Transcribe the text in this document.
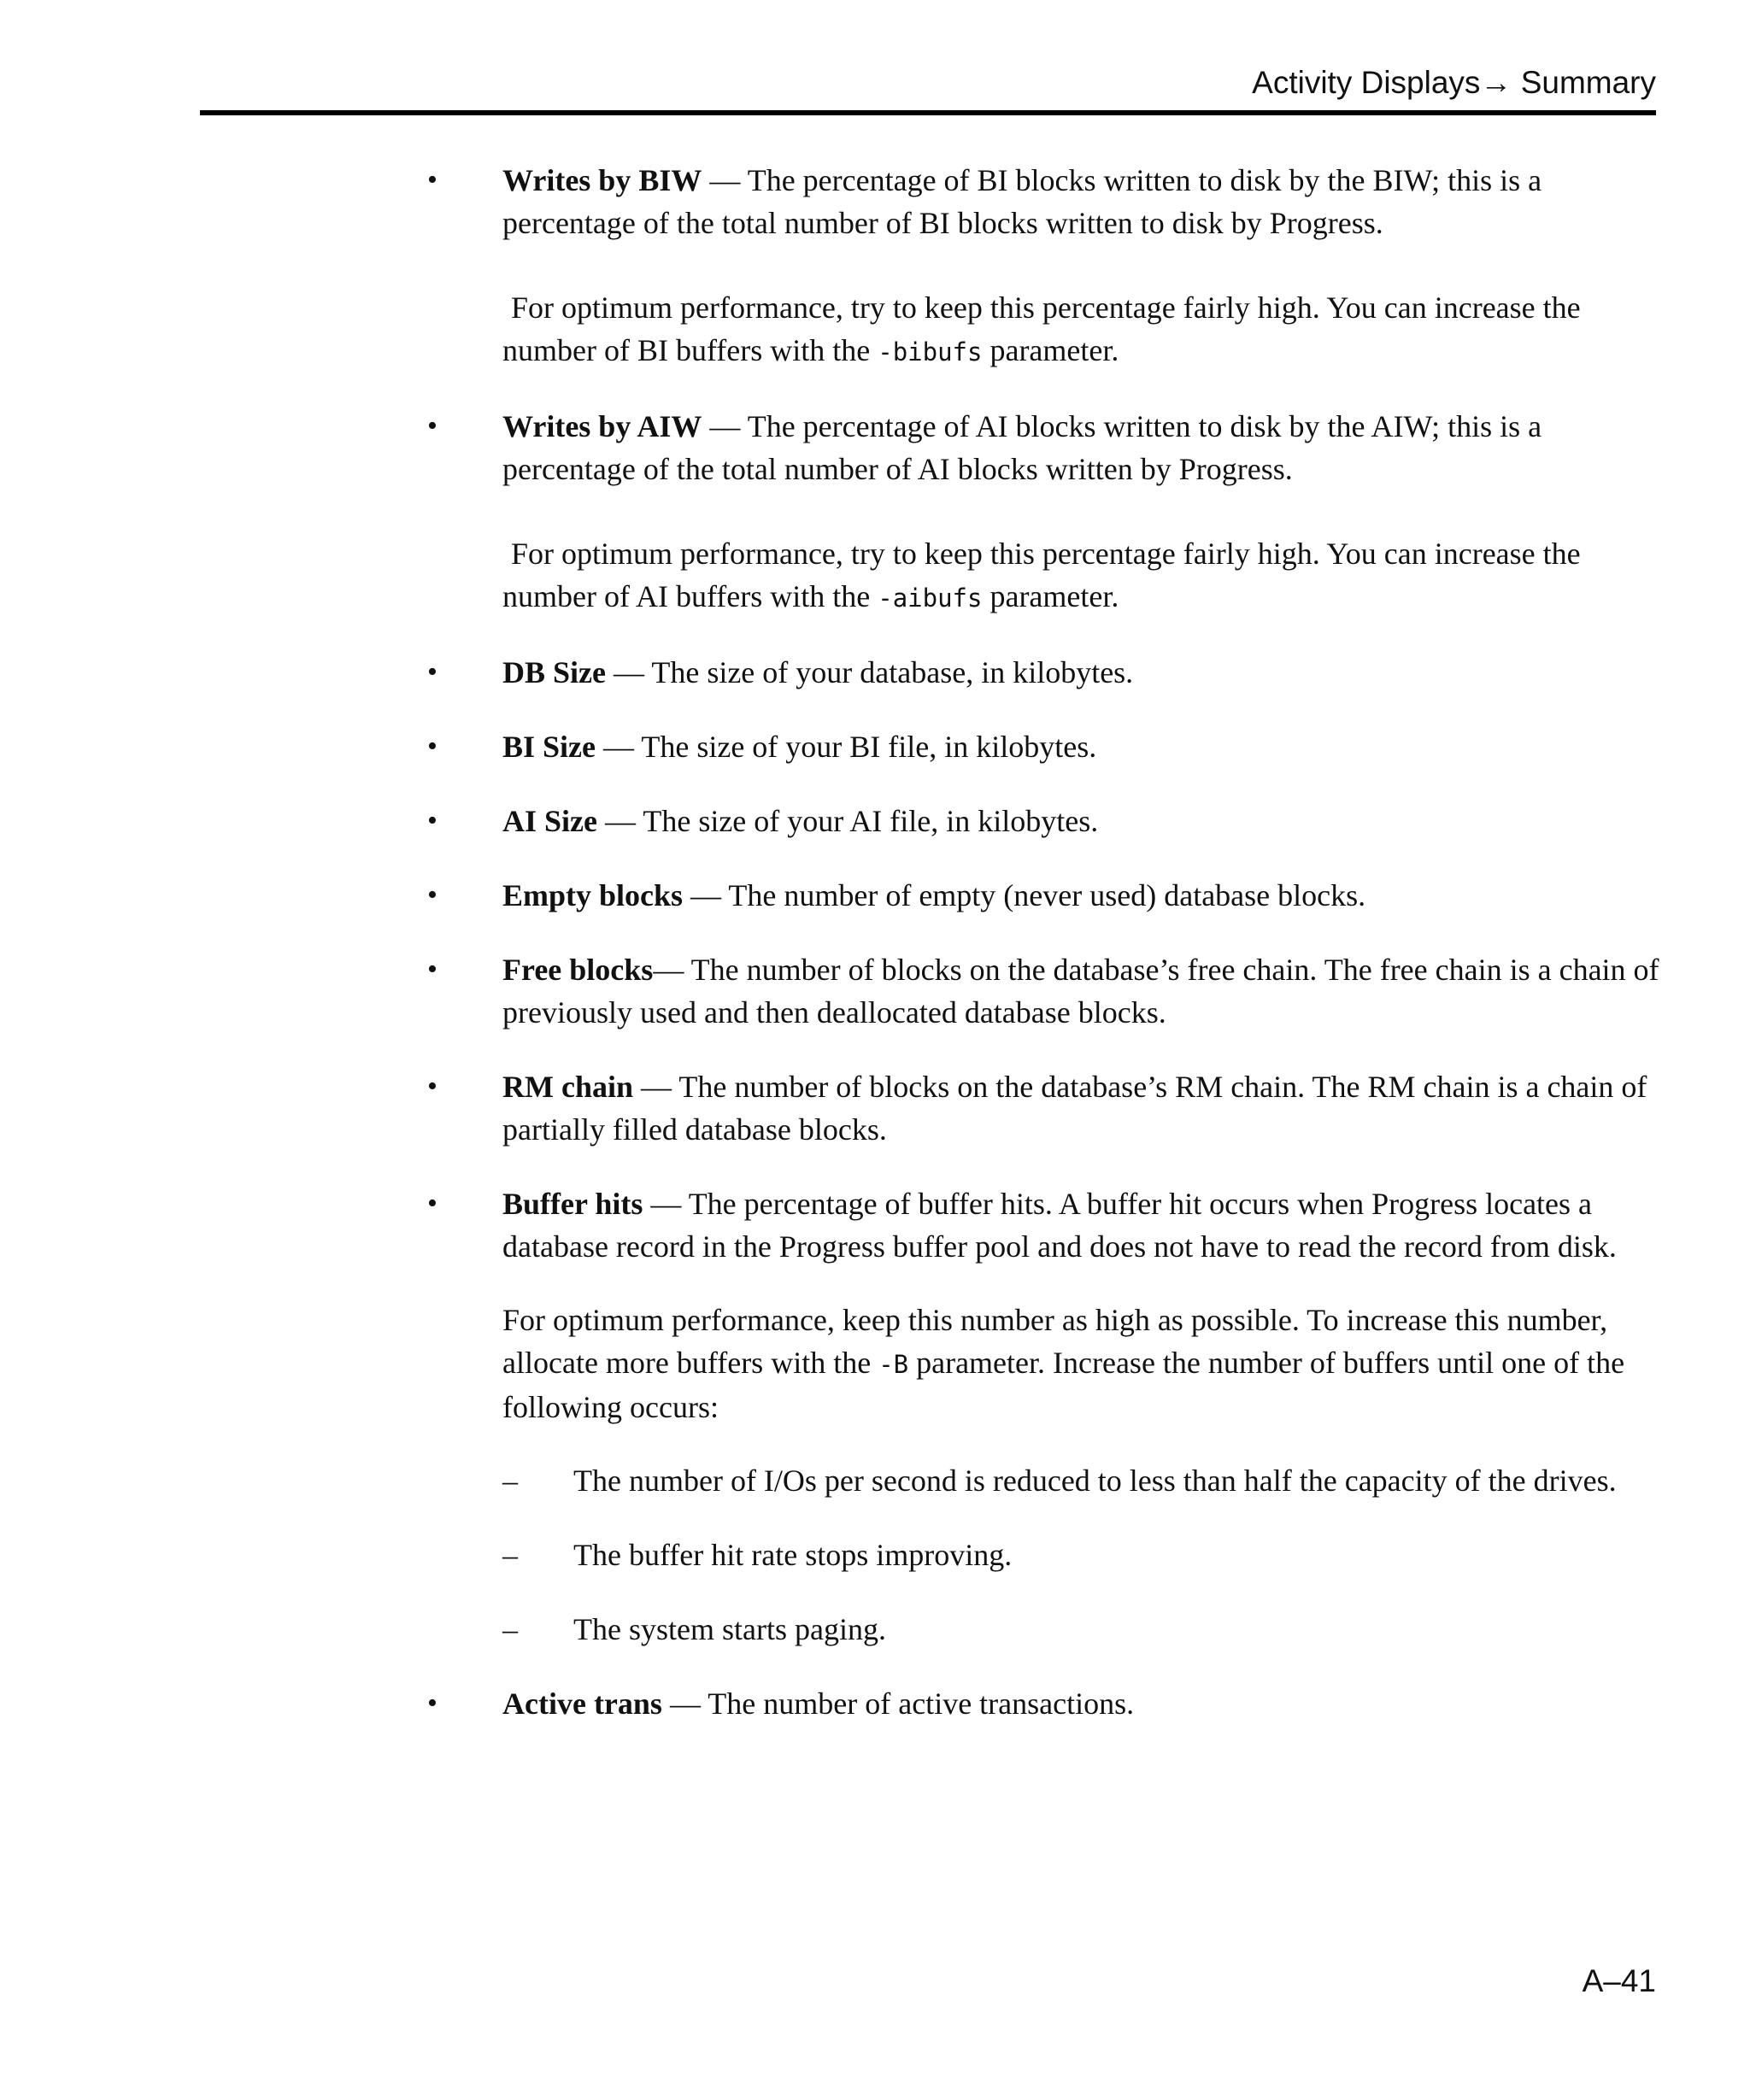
Activity Displays→ Summary
•	Writes by BIW — The percentage of BI blocks written to disk by the BIW; this is a percentage of the total number of BI blocks written to disk by Progress.
For optimum performance, try to keep this percentage fairly high. You can increase the number of BI buffers with the -bibufs parameter.
•	Writes by AIW — The percentage of AI blocks written to disk by the AIW; this is a percentage of the total number of AI blocks written by Progress.
For optimum performance, try to keep this percentage fairly high. You can increase the number of AI buffers with the -aibufs parameter.
•	DB Size — The size of your database, in kilobytes.
•	BI Size — The size of your BI file, in kilobytes.
•	AI Size — The size of your AI file, in kilobytes.
•	Empty blocks — The number of empty (never used) database blocks.
•	Free blocks— The number of blocks on the database’s free chain. The free chain is a chain of previously used and then deallocated database blocks.
•	RM chain — The number of blocks on the database’s RM chain. The RM chain is a chain of partially filled database blocks.
•	Buffer hits — The percentage of buffer hits. A buffer hit occurs when Progress locates a database record in the Progress buffer pool and does not have to read the record from disk.
For optimum performance, keep this number as high as possible. To increase this number, allocate more buffers with the -B parameter. Increase the number of buffers until one of the following occurs:
– The number of I/Os per second is reduced to less than half the capacity of the drives.
– The buffer hit rate stops improving.
– The system starts paging.
•	Active trans — The number of active transactions.
A–41
